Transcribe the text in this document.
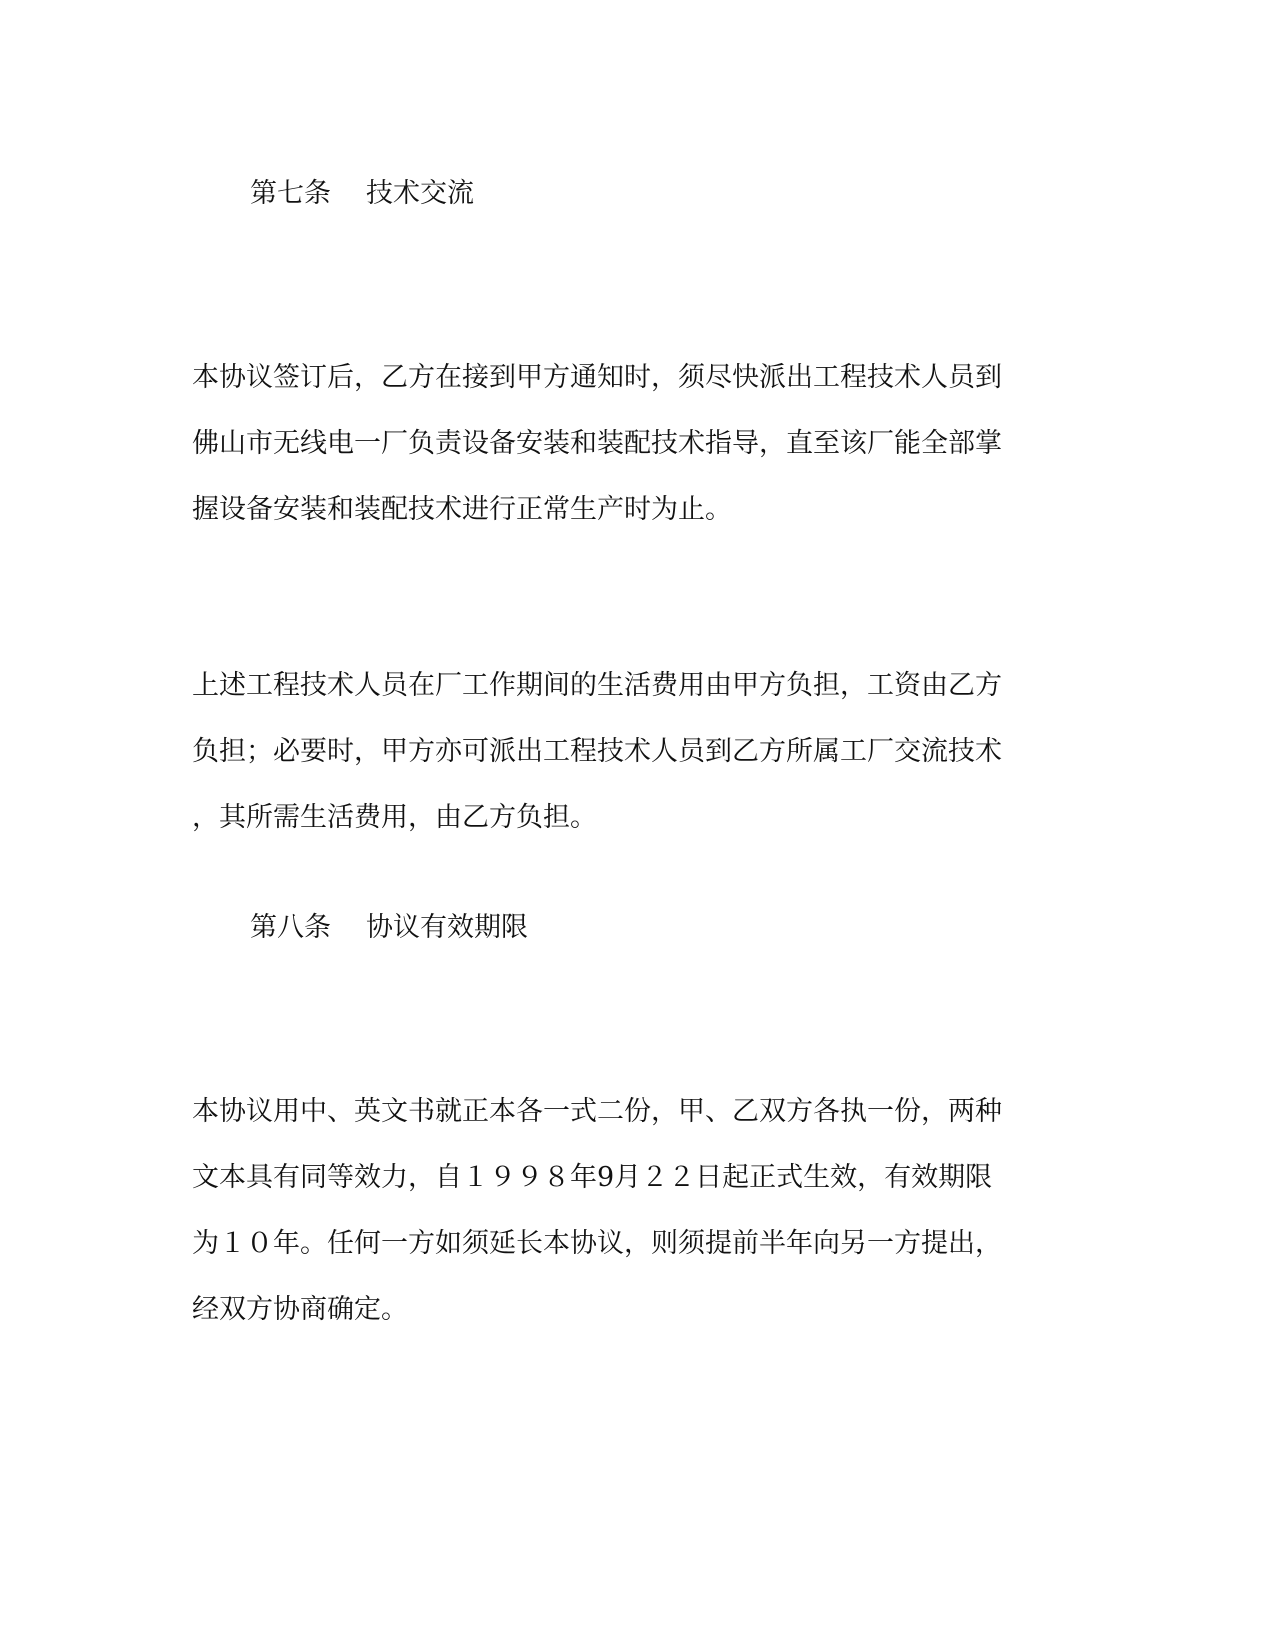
第七条 技术交流
本协议签订后，乙方在接到甲方通知时，须尽快派出工程技术人员到
佛山市无线电一厂负责设备安装和装配技术指导，直至该厂能全部掌
握设备安装和装配技术进行正常生产时为止。
上述工程技术人员在厂工作期间的生活费用由甲方负担，工资由乙方
负担；必要时，甲方亦可派出工程技术人员到乙方所属工厂交流技术
，其所需生活费用，由乙方负担。
第八条 协议有效期限
本协议用中、英文书就正本各一式二份，甲、乙双方各执一份，两种
文本具有同等效力，自１９９８年9月２２日起正式生效，有效期限
为１０年。任何一方如须延长本协议，则须提前半年向另一方提出，
经双方协商确定。
